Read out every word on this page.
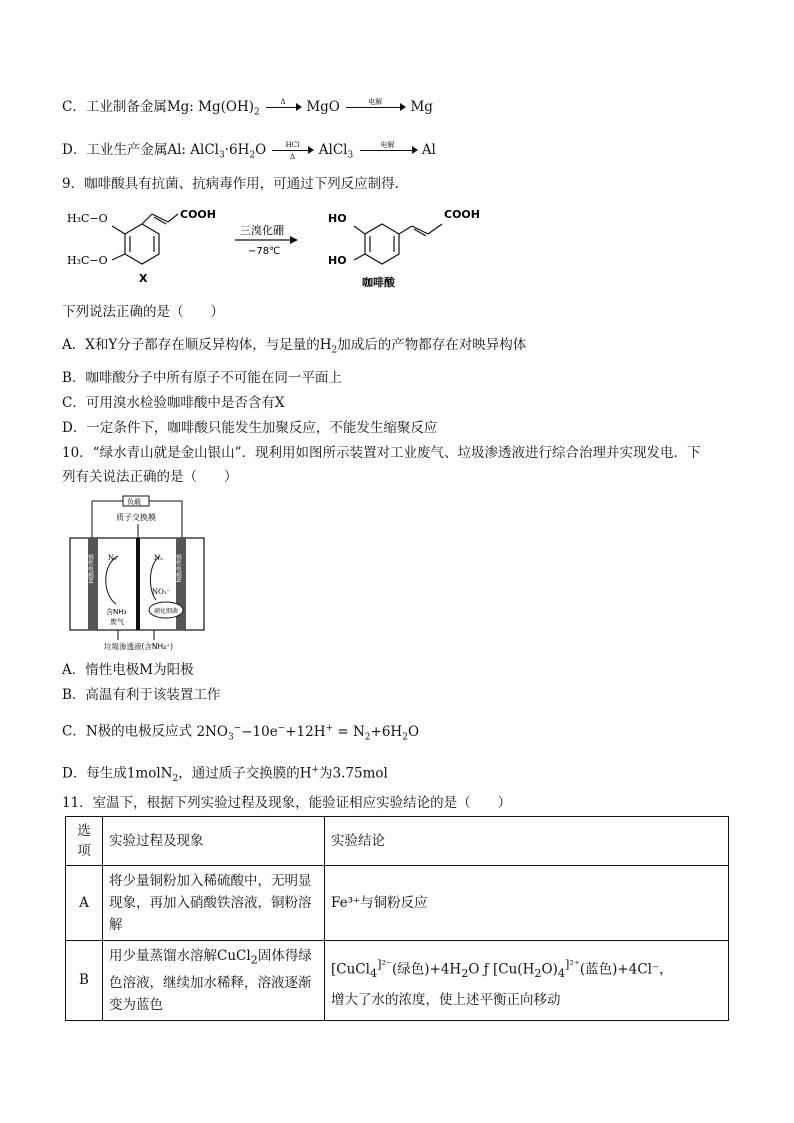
C．工业制备金属Mg: $Mg(OH)_2$
Δ	MgO	电解	Mg
D．工业生产金属Al: $AlCl_3\cdot 6H_2O$	HCl
Δ	AlCl$_3$
电解	Al
9．咖啡酸具有抗菌、抗病毒作用，可通过下列反应制得．
H₃C−O
H₃C−O
COOH
X
三溴化硼
−78℃
HO
HO
COOH
咖啡酸
下列说法正确的是（　　）
A．X和Y分子都存在顺反异构体，与足量的$H_2$加成后的产物都存在对映异构体
B．咖啡酸分子中所有原子不可能在同一平面上
C．可用溴水检验咖啡酸中是否含有X
D．一定条件下，咖啡酸只能发生加聚反应，不能发生缩聚反应
10．“绿水青山就是金山银山”．现利用如图所示装置对工业废气、垃圾渗透液进行综合治理并实现发电．下
列有关说法正确的是（　　）
负载
质子交换膜
惰性电极M	惰性电极N
N₂	N₂
NO₃⁻
含NH₃
废气
硝化细菌
垃圾渗透液(含NH₄⁺)
A．惰性电极M为阳极
B．高温有利于该装置工作
C．N极的电极反应式 $2NO_3^--10e^-+12H^+ = N_2+6H_2O$
D．每生成1molN$_2$，通过质子交换膜的H+为3.75mol
11．室温下，根据下列实验过程及现象，能验证相应实验结论的是（　　）
选项	实验过程及现象	实验结论
A	将少量铜粉加入稀硫酸中，无明显现象，再加入硝酸铁溶液，铜粉溶解	Fe³⁺与铜粉反应
B	用少量蒸馏水溶解CuCl$_2$固体得绿色溶液，继续加水稀释，溶液逐渐变为蓝色	[CuCl$_4^{]^{2-}}$(绿色)$+4H_2O$ ƒ [$Cu(H_2O)_4^{]^{2+}}$(蓝色)+4Cl⁻，
增大了水的浓度，使上述平衡正向移动
